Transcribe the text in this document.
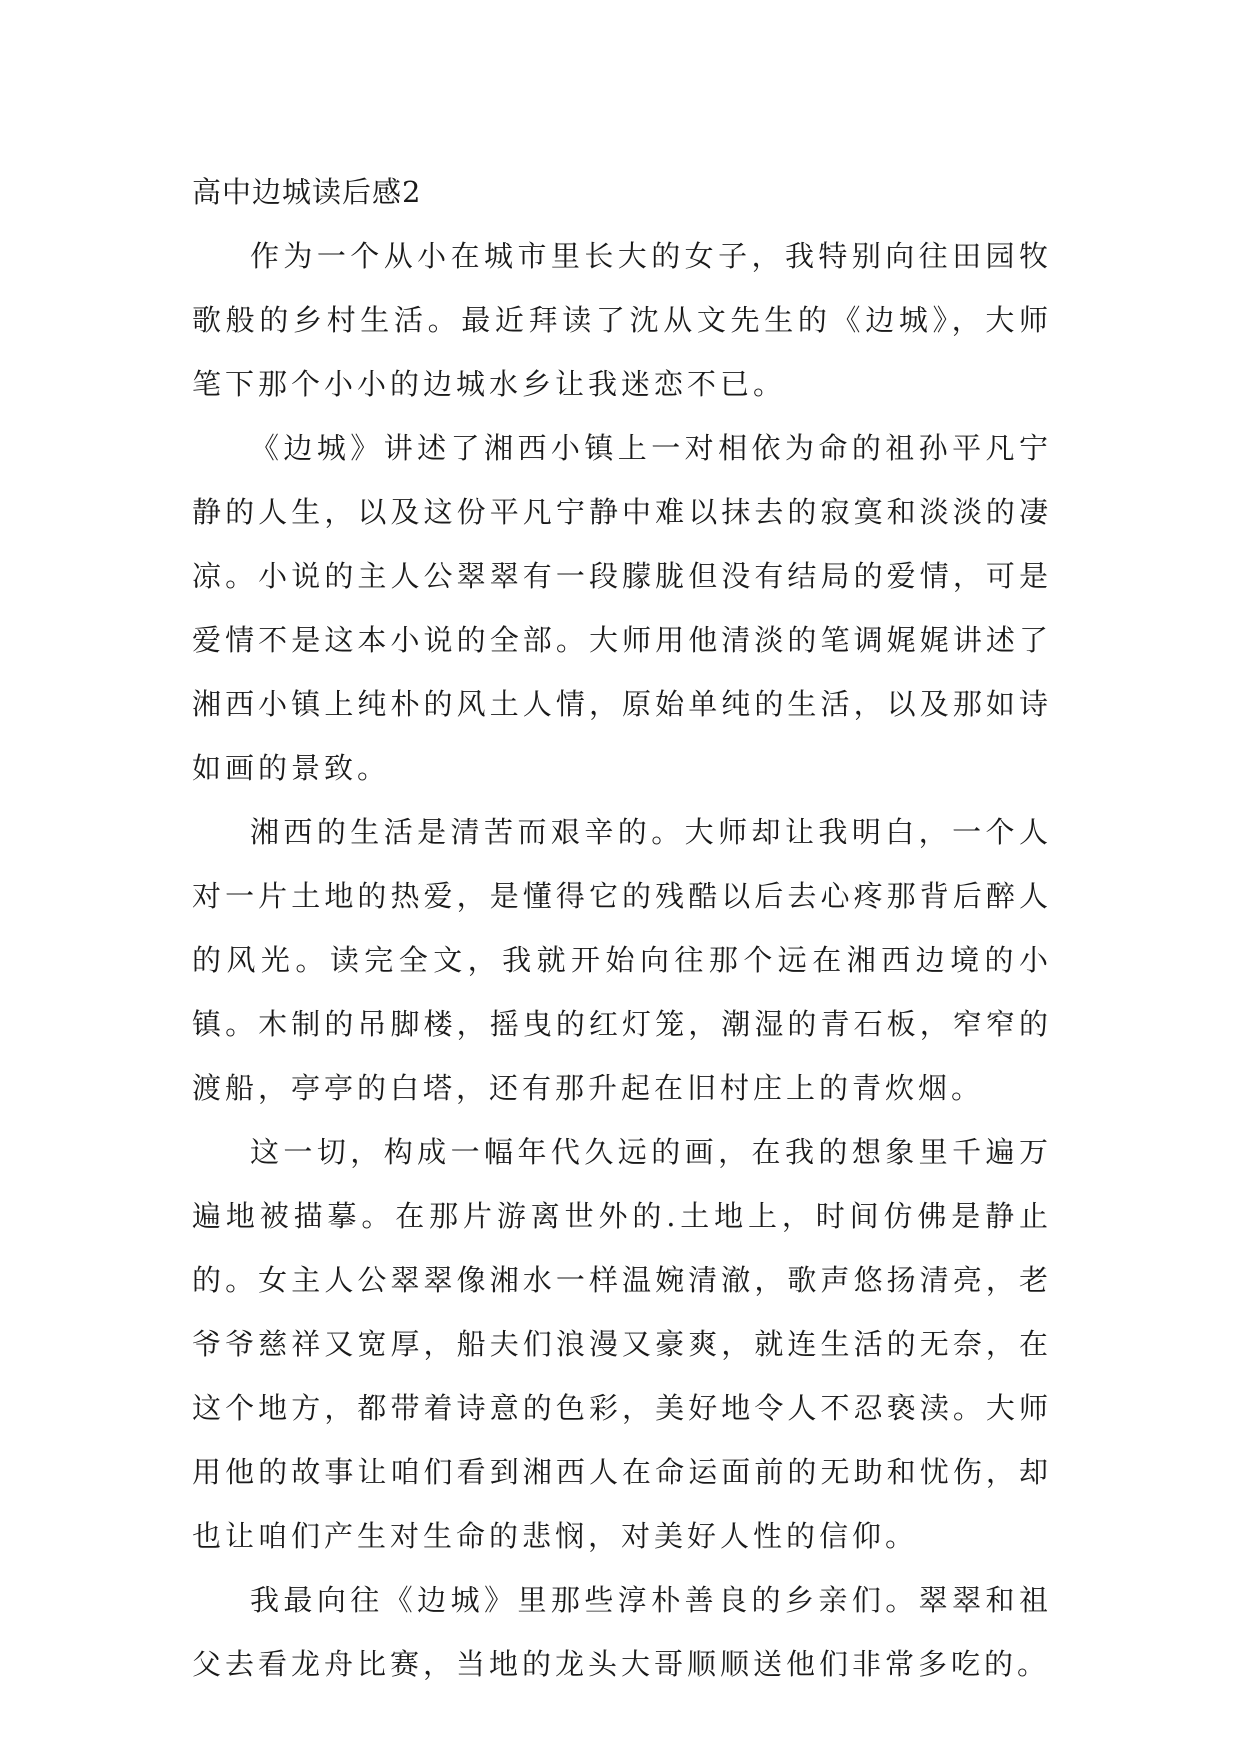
高中边城读后感2

作为一个从小在城市里长大的女子，我特别向往田园牧歌般的乡村生活。最近拜读了沈从文先生的《边城》，大师笔下那个小小的边城水乡让我迷恋不已。

《边城》讲述了湘西小镇上一对相依为命的祖孙平凡宁静的人生，以及这份平凡宁静中难以抹去的寂寞和淡淡的凄凉。小说的主人公翠翠有一段朦胧但没有结局的爱情，可是爱情不是这本小说的全部。大师用他清淡的笔调娓娓讲述了湘西小镇上纯朴的风土人情，原始单纯的生活，以及那如诗如画的景致。

湘西的生活是清苦而艰辛的。大师却让我明白，一个人对一片土地的热爱，是懂得它的残酷以后去心疼那背后醉人的风光。读完全文，我就开始向往那个远在湘西边境的小镇。木制的吊脚楼，摇曳的红灯笼，潮湿的青石板，窄窄的渡船，亭亭的白塔，还有那升起在旧村庄上的青炊烟。

这一切，构成一幅年代久远的画，在我的想象里千遍万遍地被描摹。在那片游离世外的.土地上，时间仿佛是静止的。女主人公翠翠像湘水一样温婉清澈，歌声悠扬清亮，老爷爷慈祥又宽厚，船夫们浪漫又豪爽，就连生活的无奈，在这个地方，都带着诗意的色彩，美好地令人不忍亵渎。大师用他的故事让咱们看到湘西人在命运面前的无助和忧伤，却也让咱们产生对生命的悲悯，对美好人性的信仰。

我最向往《边城》里那些淳朴善良的乡亲们。翠翠和祖父去看龙舟比赛，当地的龙头大哥顺顺送他们非常多吃的。
